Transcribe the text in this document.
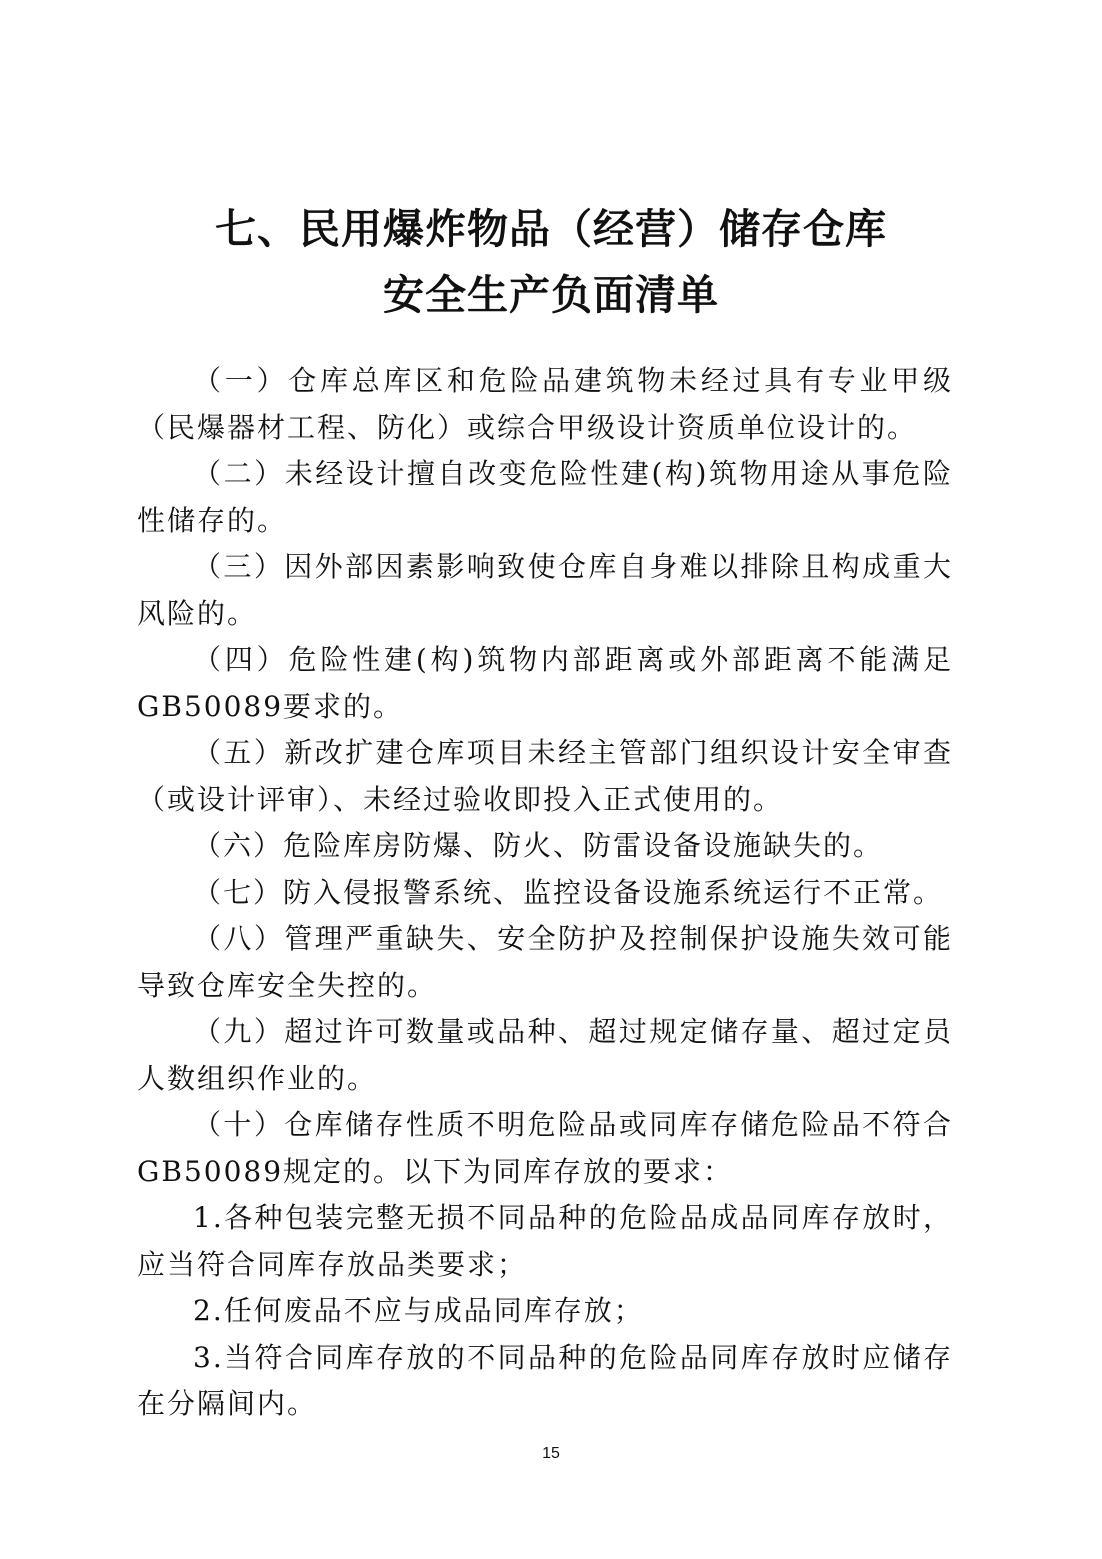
七、民用爆炸物品（经营）储存仓库
安全生产负面清单

（一）仓库总库区和危险品建筑物未经过具有专业甲级（民爆器材工程、防化）或综合甲级设计资质单位设计的。

（二）未经设计擅自改变危险性建(构)筑物用途从事危险性储存的。

（三）因外部因素影响致使仓库自身难以排除且构成重大风险的。

（四）危险性建(构)筑物内部距离或外部距离不能满足GB50089要求的。

（五）新改扩建仓库项目未经主管部门组织设计安全审查（或设计评审）、未经过验收即投入正式使用的。

（六）危险库房防爆、防火、防雷设备设施缺失的。

（七）防入侵报警系统、监控设备设施系统运行不正常。

（八）管理严重缺失、安全防护及控制保护设施失效可能导致仓库安全失控的。

（九）超过许可数量或品种、超过规定储存量、超过定员人数组织作业的。

（十）仓库储存性质不明危险品或同库存储危险品不符合GB50089规定的。以下为同库存放的要求：

1.各种包装完整无损不同品种的危险品成品同库存放时，应当符合同库存放品类要求；

2.任何废品不应与成品同库存放；

3.当符合同库存放的不同品种的危险品同库存放时应储存在分隔间内。

15
